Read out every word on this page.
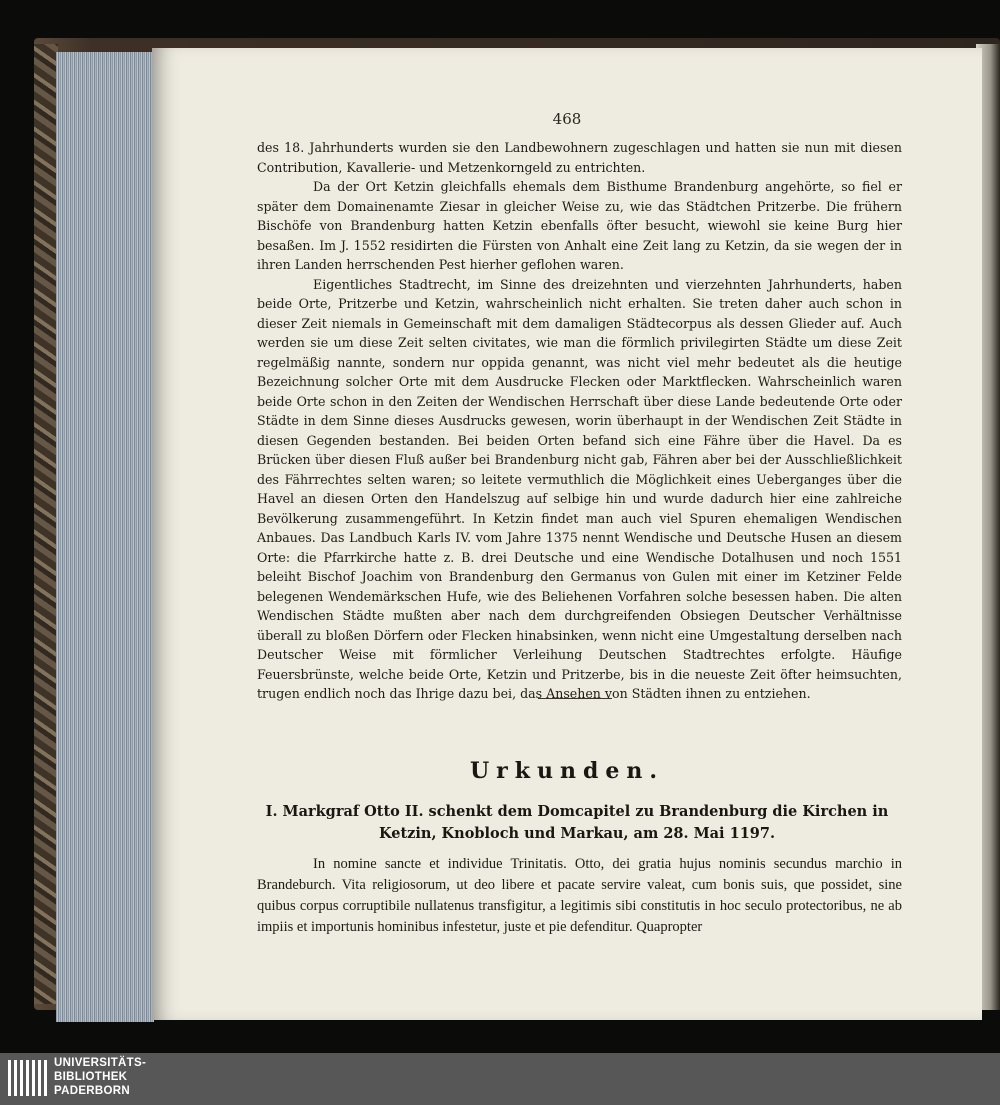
468

des 18. Jahrhunderts wurden sie den Landbewohnern zugeschlagen und hatten sie nun mit diesen Contribution, Kavallerie- und Metzenkorngeld zu entrichten.

Da der Ort Ketzin gleichfalls ehemals dem Bisthume Brandenburg angehörte, so fiel er später dem Domainenamte Ziesar in gleicher Weise zu, wie das Städtchen Pritzerbe. Die frühern Bischöfe von Brandenburg hatten Ketzin ebenfalls öfter besucht, wiewohl sie keine Burg hier besaßen. Im J. 1552 residirten die Fürsten von Anhalt eine Zeit lang zu Ketzin, da sie wegen der in ihren Landen herrschenden Pest hierher geflohen waren.

Eigentliches Stadtrecht, im Sinne des dreizehnten und vierzehnten Jahrhunderts, haben beide Orte, Pritzerbe und Ketzin, wahrscheinlich nicht erhalten. Sie treten daher auch schon in dieser Zeit niemals in Gemeinschaft mit dem damaligen Städtecorpus als dessen Glieder auf. Auch werden sie um diese Zeit selten civitates, wie man die förmlich privilegirten Städte um diese Zeit regelmäßig nannte, sondern nur oppida genannt, was nicht viel mehr bedeutet als die heutige Bezeichnung solcher Orte mit dem Ausdrucke Flecken oder Marktflecken. Wahrscheinlich waren beide Orte schon in den Zeiten der Wendischen Herrschaft über diese Lande bedeutende Orte oder Städte in dem Sinne dieses Ausdrucks gewesen, worin überhaupt in der Wendischen Zeit Städte in diesen Gegenden bestanden. Bei beiden Orten befand sich eine Fähre über die Havel. Da es Brücken über diesen Fluß außer bei Brandenburg nicht gab, Fähren aber bei der Ausschließlichkeit des Fährrechtes selten waren; so leitete vermuthlich die Möglichkeit eines Ueberganges über die Havel an diesen Orten den Handelszug auf selbige hin und wurde dadurch hier eine zahlreiche Bevölkerung zusammengeführt. In Ketzin findet man auch viel Spuren ehemaligen Wendischen Anbaues. Das Landbuch Karls IV. vom Jahre 1375 nennt Wendische und Deutsche Husen an diesem Orte: die Pfarrkirche hatte z. B. drei Deutsche und eine Wendische Dotalhusen und noch 1551 beleiht Bischof Joachim von Brandenburg den Germanus von Gulen mit einer im Ketziner Felde belegenen Wendemärkschen Hufe, wie des Beliehenen Vorfahren solche besessen haben. Die alten Wendischen Städte mußten aber nach dem durchgreifenden Obsiegen Deutscher Verhältnisse überall zu bloßen Dörfern oder Flecken hinabsinken, wenn nicht eine Umgestaltung derselben nach Deutscher Weise mit förmlicher Verleihung Deutschen Stadtrechtes erfolgte. Häufige Feuersbrünste, welche beide Orte, Ketzin und Pritzerbe, bis in die neueste Zeit öfter heimsuchten, trugen endlich noch das Ihrige dazu bei, das Ansehen von Städten ihnen zu entziehen.

Urkunden.
I. Markgraf Otto II. schenkt dem Domcapitel zu Brandenburg die Kirchen in Ketzin, Knobloch und Markau, am 28. Mai 1197.
In nomine sancte et individue Trinitatis. Otto, dei gratia hujus nominis secundus marchio in Brandeburch. Vita religiosorum, ut deo libere et pacate servire valeat, cum bonis suis, que possidet, sine quibus corpus corruptibile nullatenus transfigitur, a legitimis sibi constitutis in hoc seculo protectoribus, ne ab impiis et importunis hominibus infestetur, juste et pie defenditur. Quapropter
UNIVERSITÄTS-
BIBLIOTHEK
PADERBORN
